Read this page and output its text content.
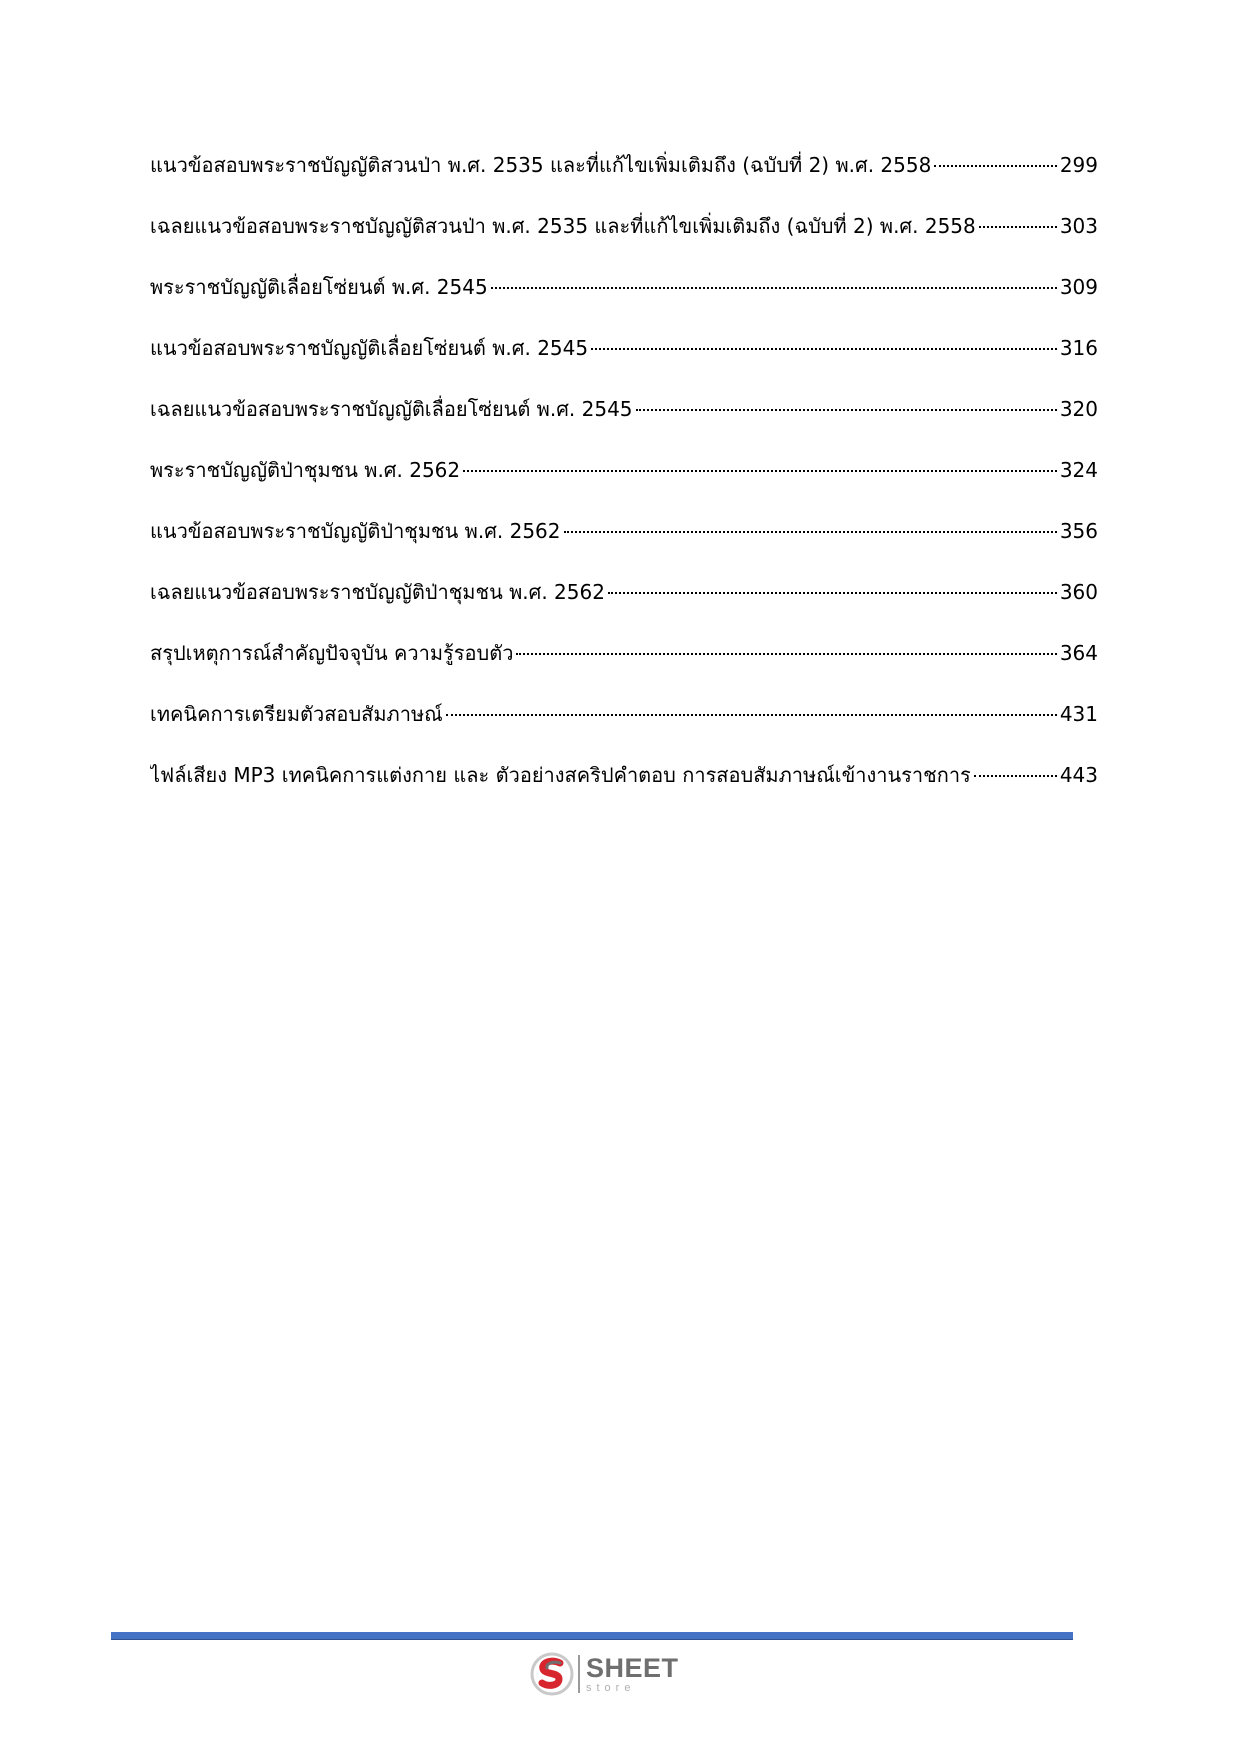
แนวข้อสอบพระราชบัญญัติสวนป่า พ.ศ. 2535 และที่แก้ไขเพิ่มเติมถึง (ฉบับที่ 2) พ.ศ. 2558	299
เฉลยแนวข้อสอบพระราชบัญญัติสวนป่า พ.ศ. 2535 และที่แก้ไขเพิ่มเติมถึง (ฉบับที่ 2) พ.ศ. 2558	303
พระราชบัญญัติเลื่อยโซ่ยนต์ พ.ศ. 2545	309
แนวข้อสอบพระราชบัญญัติเลื่อยโซ่ยนต์ พ.ศ. 2545	316
เฉลยแนวข้อสอบพระราชบัญญัติเลื่อยโซ่ยนต์ พ.ศ. 2545	320
พระราชบัญญัติป่าชุมชน พ.ศ. 2562	324
แนวข้อสอบพระราชบัญญัติป่าชุมชน พ.ศ. 2562	356
เฉลยแนวข้อสอบพระราชบัญญัติป่าชุมชน พ.ศ. 2562	360
สรุปเหตุการณ์สำคัญปัจจุบัน ความรู้รอบตัว	364
เทคนิคการเตรียมตัวสอบสัมภาษณ์	431
ไฟล์เสียง MP3 เทคนิคการแต่งกาย และ ตัวอย่างสคริปคำตอบ การสอบสัมภาษณ์เข้างานราชการ	443
SHEET
store
